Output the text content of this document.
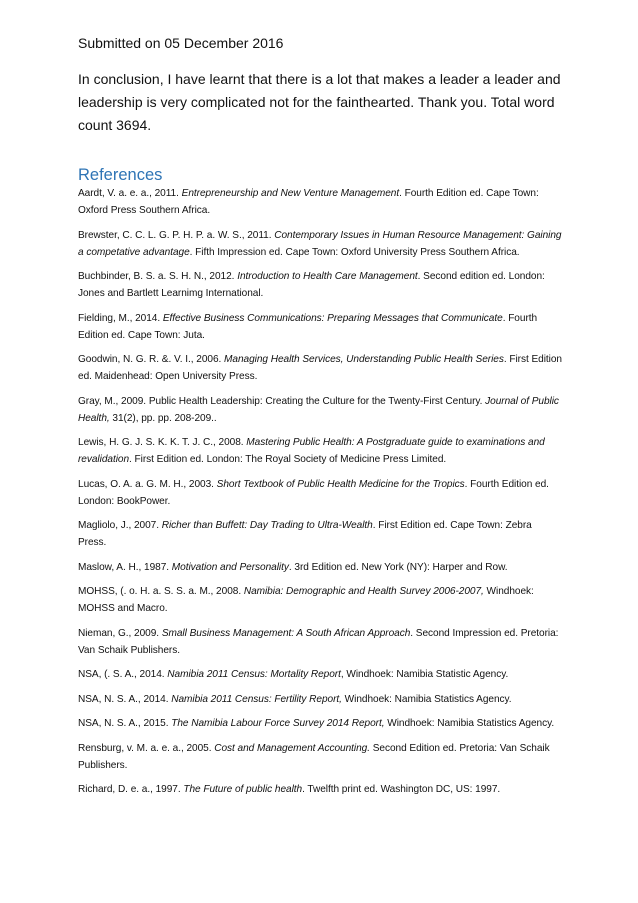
Submitted on 05 December 2016

In conclusion, I have learnt that there is a lot that makes a leader a leader and leadership is very complicated not for the fainthearted. Thank you. Total word count 3694.

References

Aardt, V. a. e. a., 2011. Entrepreneurship and New Venture Management. Fourth Edition ed. Cape Town: Oxford Press Southern Africa.

Brewster, C. C. L. G. P. H. P. a. W. S., 2011. Contemporary Issues in Human Resource Management: Gaining a competative advantage. Fifth Impression ed. Cape Town: Oxford University Press Southern Africa.

Buchbinder, B. S. a. S. H. N., 2012. Introduction to Health Care Management. Second edition ed. London: Jones and Bartlett Learnimg International.

Fielding, M., 2014. Effective Business Communications: Preparing Messages that Communicate. Fourth Edition ed. Cape Town: Juta.

Goodwin, N. G. R. &. V. I., 2006. Managing Health Services, Understanding Public Health Series. First Edition ed. Maidenhead: Open University Press.

Gray, M., 2009. Public Health Leadership: Creating the Culture for the Twenty-First Century. Journal of Public Health, 31(2), pp. pp. 208-209..

Lewis, H. G. J. S. K. K. T. J. C., 2008. Mastering Public Health: A Postgraduate guide to examinations and revalidation. First Edition ed. London: The Royal Society of Medicine Press Limited.

Lucas, O. A. a. G. M. H., 2003. Short Textbook of Public Health Medicine for the Tropics. Fourth Edition ed. London: BookPower.

Magliolo, J., 2007. Richer than Buffett: Day Trading to Ultra-Wealth. First Edition ed. Cape Town: Zebra Press.

Maslow, A. H., 1987. Motivation and Personality. 3rd Edition ed. New York (NY): Harper and Row.

MOHSS, (. o. H. a. S. S. a. M., 2008. Namibia: Demographic and Health Survey 2006-2007, Windhoek: MOHSS and Macro.

Nieman, G., 2009. Small Business Management: A South African Approach. Second Impression ed. Pretoria: Van Schaik Publishers.

NSA, (. S. A., 2014. Namibia 2011 Census: Mortality Report, Windhoek: Namibia Statistic Agency.

NSA, N. S. A., 2014. Namibia 2011 Census: Fertility Report, Windhoek: Namibia Statistics Agency.

NSA, N. S. A., 2015. The Namibia Labour Force Survey 2014 Report, Windhoek: Namibia Statistics Agency.

Rensburg, v. M. a. e. a., 2005. Cost and Management Accounting. Second Edition ed. Pretoria: Van Schaik Publishers.

Richard, D. e. a., 1997. The Future of public health. Twelfth print ed. Washington DC, US: 1997.
